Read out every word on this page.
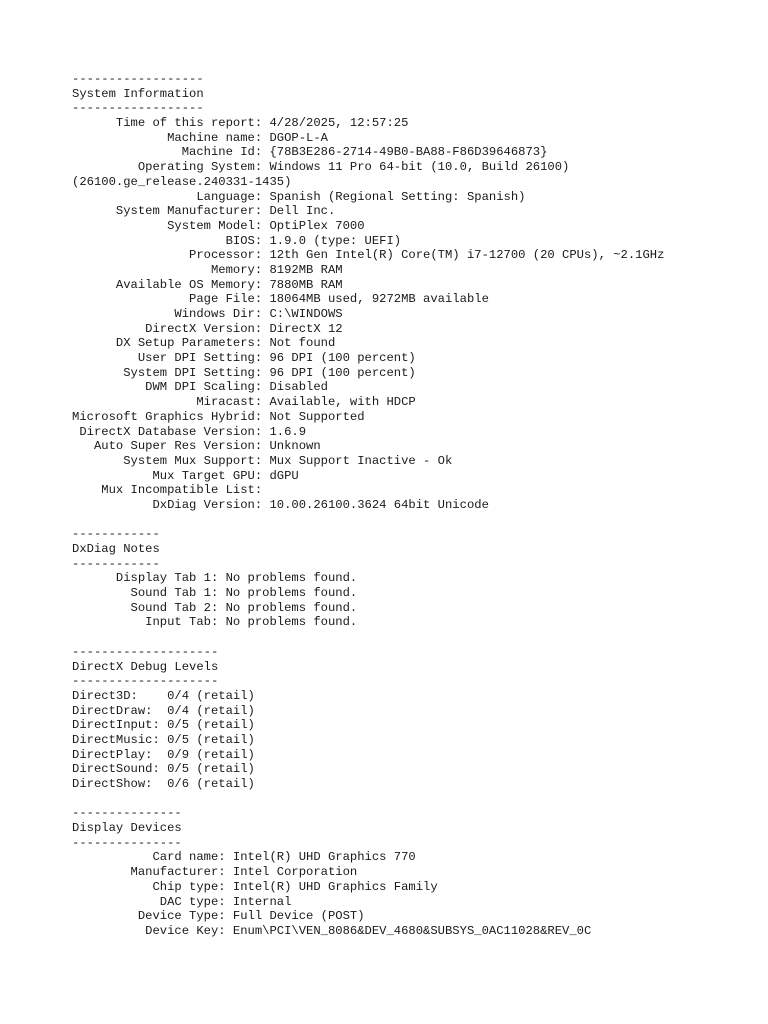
------------------
System Information
------------------
Time of this report: 4/28/2025, 12:57:25
Machine name: DGOP-L-A
Machine Id: {78B3E286-2714-49B0-BA88-F86D39646873}
Operating System: Windows 11 Pro 64-bit (10.0, Build 26100)
(26100.ge_release.240331-1435)
Language: Spanish (Regional Setting: Spanish)
System Manufacturer: Dell Inc.
System Model: OptiPlex 7000
BIOS: 1.9.0 (type: UEFI)
Processor: 12th Gen Intel(R) Core(TM) i7-12700 (20 CPUs), ~2.1GHz
Memory: 8192MB RAM
Available OS Memory: 7880MB RAM
Page File: 18064MB used, 9272MB available
Windows Dir: C:\WINDOWS
DirectX Version: DirectX 12
DX Setup Parameters: Not found
User DPI Setting: 96 DPI (100 percent)
System DPI Setting: 96 DPI (100 percent)
DWM DPI Scaling: Disabled
Miracast: Available, with HDCP
Microsoft Graphics Hybrid: Not Supported
DirectX Database Version: 1.6.9
Auto Super Res Version: Unknown
System Mux Support: Mux Support Inactive - Ok
Mux Target GPU: dGPU
Mux Incompatible List:
DxDiag Version: 10.00.26100.3624 64bit Unicode

------------
DxDiag Notes
------------
Display Tab 1: No problems found.
Sound Tab 1: No problems found.
Sound Tab 2: No problems found.
Input Tab: No problems found.

--------------------
DirectX Debug Levels
--------------------
Direct3D:    0/4 (retail)
DirectDraw:  0/4 (retail)
DirectInput: 0/5 (retail)
DirectMusic: 0/5 (retail)
DirectPlay:  0/9 (retail)
DirectSound: 0/5 (retail)
DirectShow:  0/6 (retail)

---------------
Display Devices
---------------
Card name: Intel(R) UHD Graphics 770
Manufacturer: Intel Corporation
Chip type: Intel(R) UHD Graphics Family
DAC type: Internal
Device Type: Full Device (POST)
Device Key: Enum\PCI\VEN_8086&DEV_4680&SUBSYS_0AC11028&REV_0C
